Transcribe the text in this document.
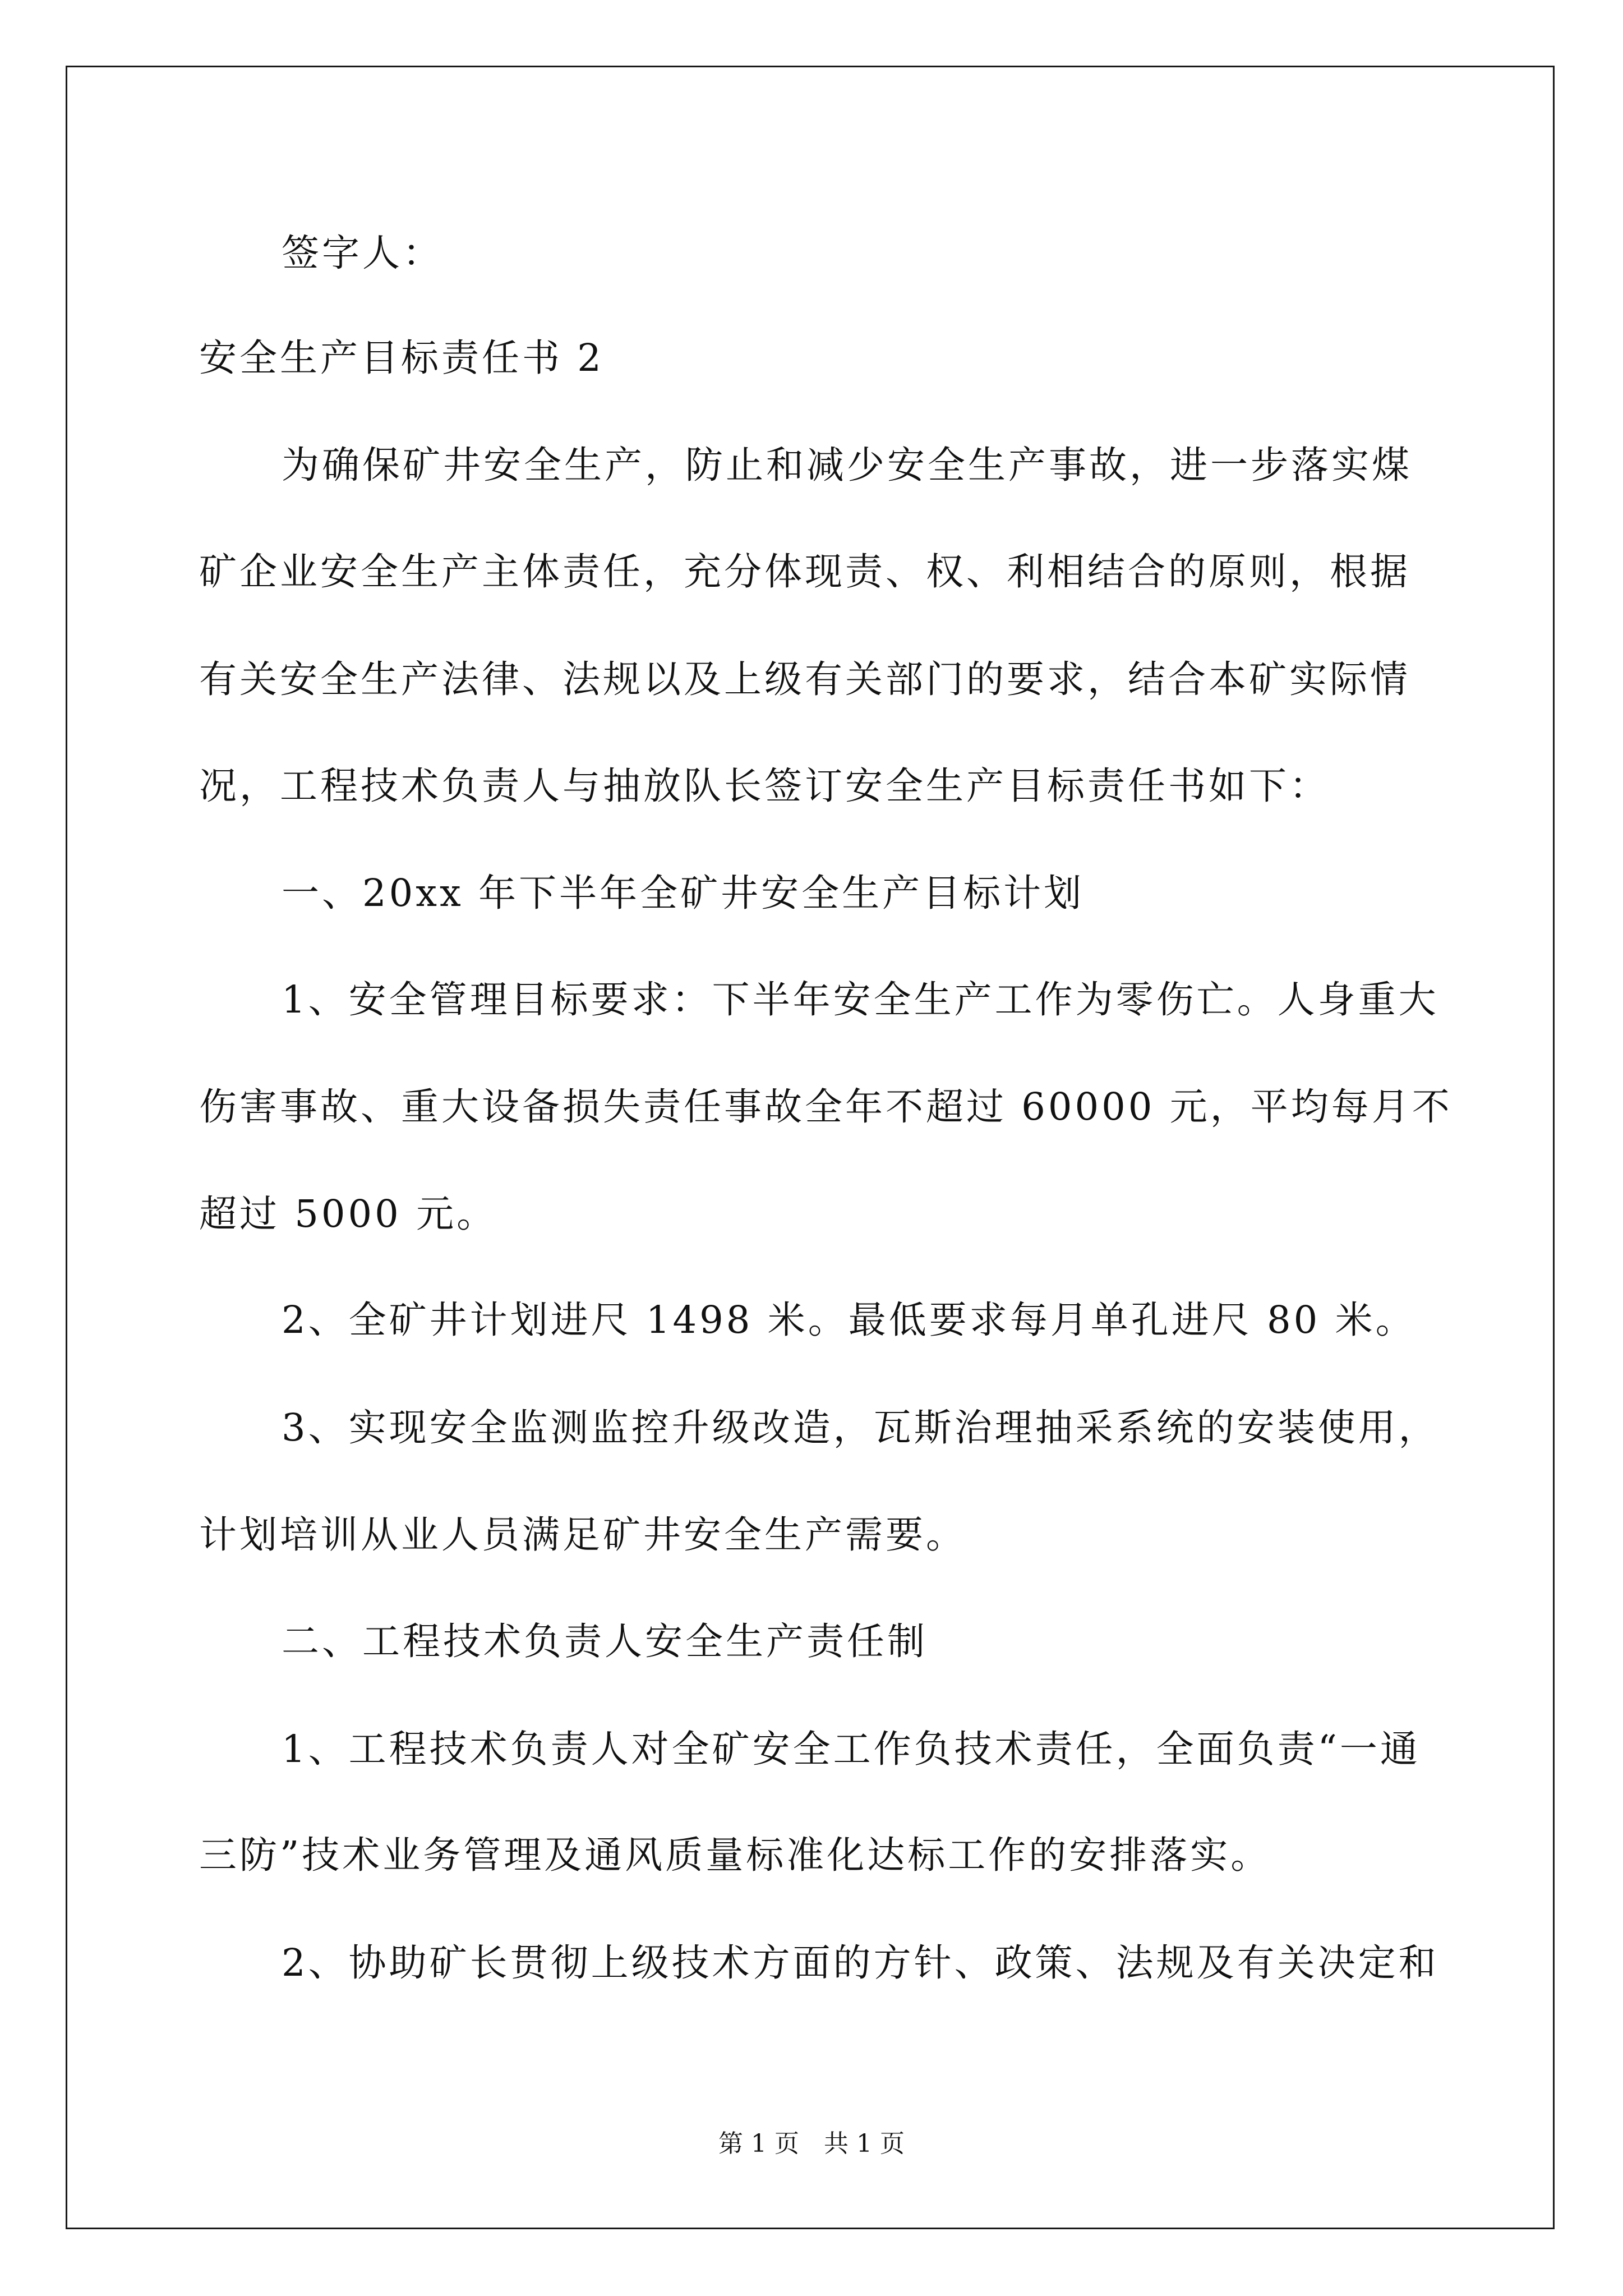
签字人：
安全生产目标责任书 2
为确保矿井安全生产，防止和减少安全生产事故，进一步落实煤
矿企业安全生产主体责任，充分体现责、权、利相结合的原则，根据
有关安全生产法律、法规以及上级有关部门的要求，结合本矿实际情
况，工程技术负责人与抽放队长签订安全生产目标责任书如下：
一、20xx 年下半年全矿井安全生产目标计划
1、安全管理目标要求：下半年安全生产工作为零伤亡。人身重大
伤害事故、重大设备损失责任事故全年不超过 60000 元，平均每月不
超过 5000 元。
2、全矿井计划进尺 1498 米。最低要求每月单孔进尺 80 米。
3、实现安全监测监控升级改造，瓦斯治理抽采系统的安装使用，
计划培训从业人员满足矿井安全生产需要。
二、工程技术负责人安全生产责任制
1、工程技术负责人对全矿安全工作负技术责任，全面负责“一通
三防”技术业务管理及通风质量标准化达标工作的安排落实。
2、协助矿长贯彻上级技术方面的方针、政策、法规及有关决定和
第 1 页　共 1 页
